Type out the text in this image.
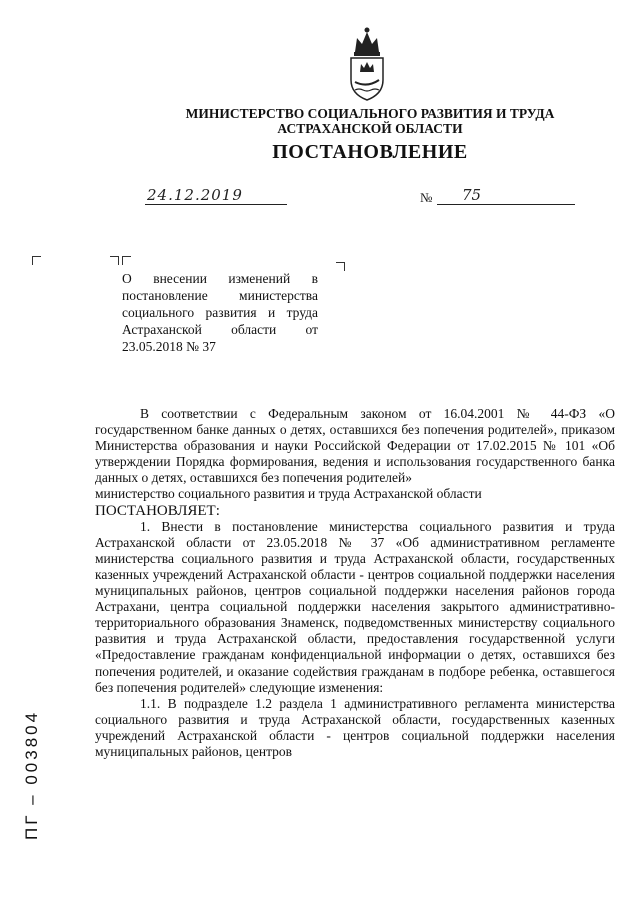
МИНИСТЕРСТВО СОЦИАЛЬНОГО РАЗВИТИЯ И ТРУДА
АСТРАХАНСКОЙ ОБЛАСТИ
ПОСТАНОВЛЕНИЕ
24.12.2019	№ 75
О внесении изменений в постановление министерства социального развития и труда Астраханской области от 23.05.2018 № 37

В соответствии с Федеральным законом от 16.04.2001 № 44-ФЗ «О государственном банке данных о детях, оставшихся без попечения родителей», приказом Министерства образования и науки Российской Федерации от 17.02.2015 № 101 «Об утверждении Порядка формирования, ведения и использования государственного банка данных о детях, оставшихся без попечения родителей»

министерство социального развития и труда Астраханской области

ПОСТАНОВЛЯЕТ:

1. Внести в постановление министерства социального развития и труда Астраханской области от 23.05.2018 № 37 «Об административном регламенте министерства социального развития и труда Астраханской области, государственных казенных учреждений Астраханской области - центров социальной поддержки населения муниципальных районов, центров социальной поддержки населения районов города Астрахани, центра социальной поддержки населения закрытого административно-территориального образования Знаменск, подведомственных министерству социального развития и труда Астраханской области, предоставления государственной услуги «Предоставление гражданам конфиденциальной информации о детях, оставшихся без попечения родителей, и оказание содействия гражданам в подборе ребенка, оставшегося без попечения родителей» следующие изменения:

1.1. В подразделе 1.2 раздела 1 административного регламента министерства социального развития и труда Астраханской области, государственных казенных учреждений Астраханской области - центров социальной поддержки населения муниципальных районов, центров

ПГ – 003804
